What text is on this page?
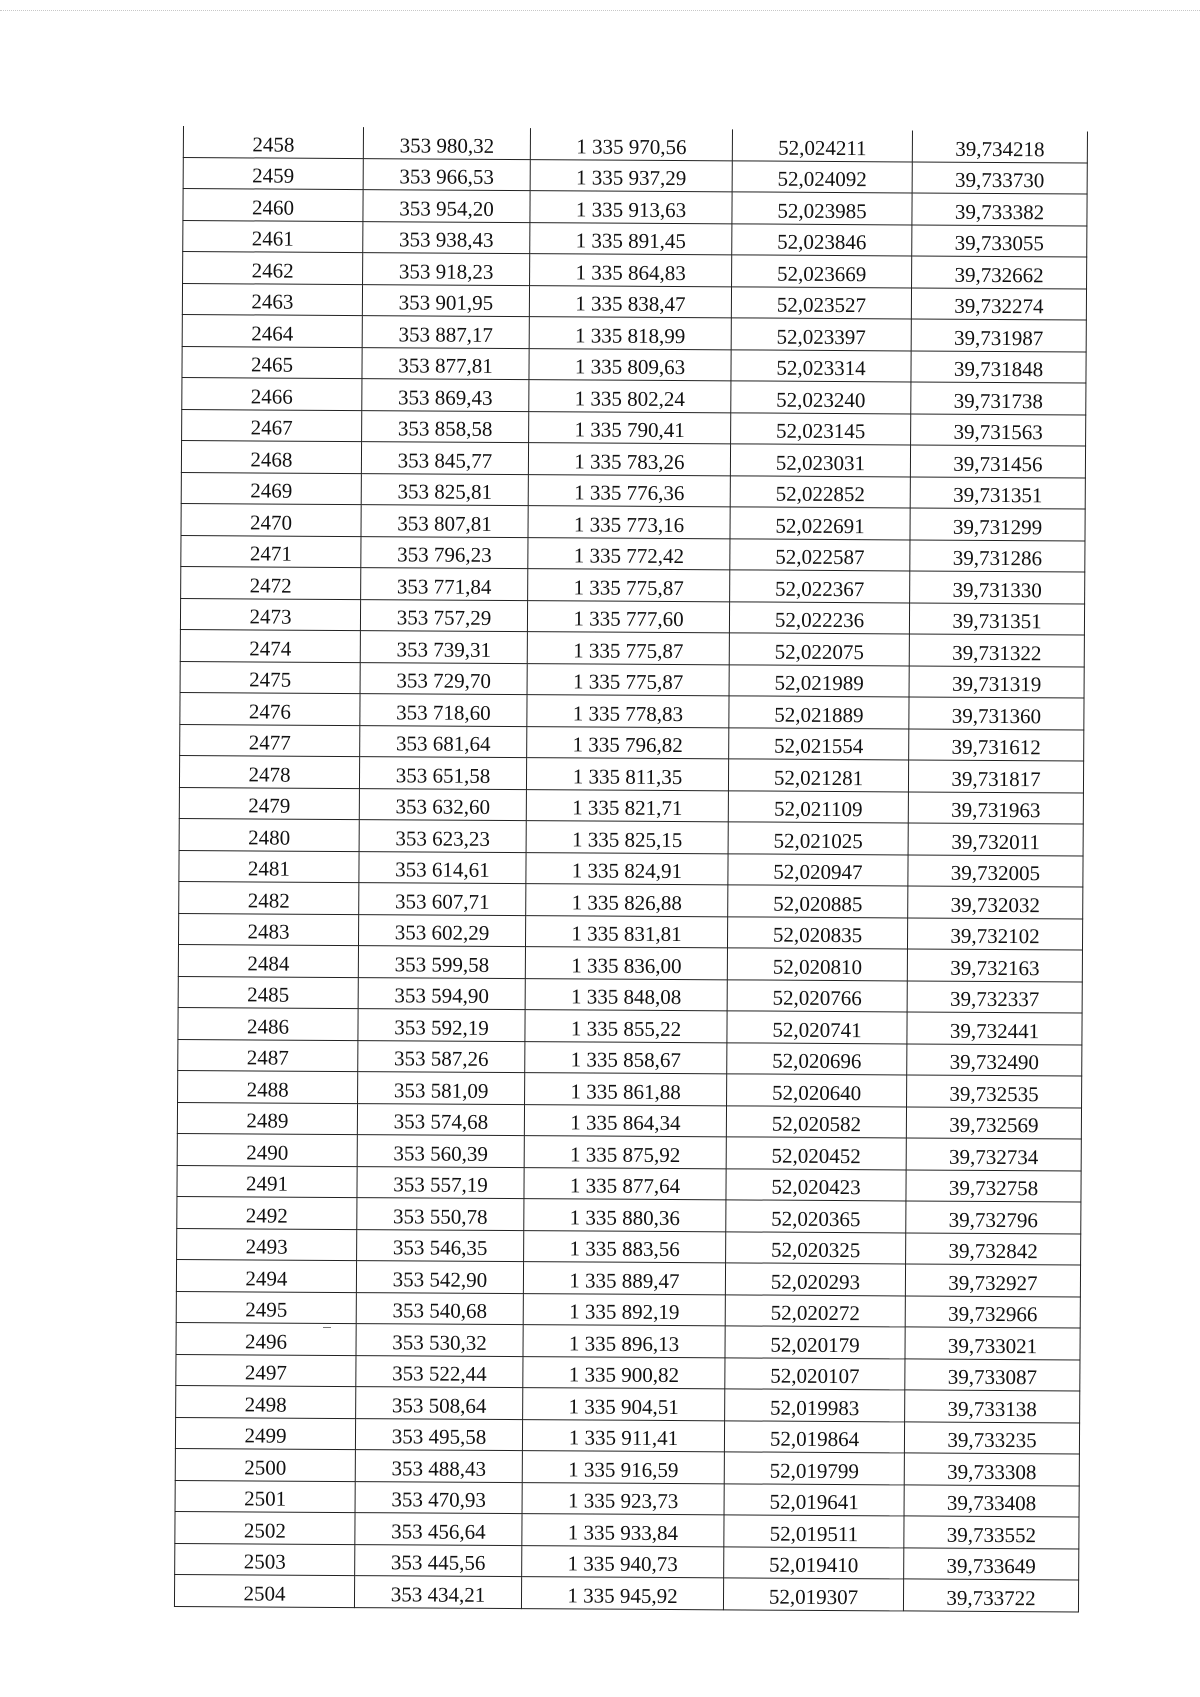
2458	353 980,32	1 335 970,56	52,024211	39,734218
2459	353 966,53	1 335 937,29	52,024092	39,733730
2460	353 954,20	1 335 913,63	52,023985	39,733382
2461	353 938,43	1 335 891,45	52,023846	39,733055
2462	353 918,23	1 335 864,83	52,023669	39,732662
2463	353 901,95	1 335 838,47	52,023527	39,732274
2464	353 887,17	1 335 818,99	52,023397	39,731987
2465	353 877,81	1 335 809,63	52,023314	39,731848
2466	353 869,43	1 335 802,24	52,023240	39,731738
2467	353 858,58	1 335 790,41	52,023145	39,731563
2468	353 845,77	1 335 783,26	52,023031	39,731456
2469	353 825,81	1 335 776,36	52,022852	39,731351
2470	353 807,81	1 335 773,16	52,022691	39,731299
2471	353 796,23	1 335 772,42	52,022587	39,731286
2472	353 771,84	1 335 775,87	52,022367	39,731330
2473	353 757,29	1 335 777,60	52,022236	39,731351
2474	353 739,31	1 335 775,87	52,022075	39,731322
2475	353 729,70	1 335 775,87	52,021989	39,731319
2476	353 718,60	1 335 778,83	52,021889	39,731360
2477	353 681,64	1 335 796,82	52,021554	39,731612
2478	353 651,58	1 335 811,35	52,021281	39,731817
2479	353 632,60	1 335 821,71	52,021109	39,731963
2480	353 623,23	1 335 825,15	52,021025	39,732011
2481	353 614,61	1 335 824,91	52,020947	39,732005
2482	353 607,71	1 335 826,88	52,020885	39,732032
2483	353 602,29	1 335 831,81	52,020835	39,732102
2484	353 599,58	1 335 836,00	52,020810	39,732163
2485	353 594,90	1 335 848,08	52,020766	39,732337
2486	353 592,19	1 335 855,22	52,020741	39,732441
2487	353 587,26	1 335 858,67	52,020696	39,732490
2488	353 581,09	1 335 861,88	52,020640	39,732535
2489	353 574,68	1 335 864,34	52,020582	39,732569
2490	353 560,39	1 335 875,92	52,020452	39,732734
2491	353 557,19	1 335 877,64	52,020423	39,732758
2492	353 550,78	1 335 880,36	52,020365	39,732796
2493	353 546,35	1 335 883,56	52,020325	39,732842
2494	353 542,90	1 335 889,47	52,020293	39,732927
2495	353 540,68	1 335 892,19	52,020272	39,732966
2496	353 530,32	1 335 896,13	52,020179	39,733021
2497	353 522,44	1 335 900,82	52,020107	39,733087
2498	353 508,64	1 335 904,51	52,019983	39,733138
2499	353 495,58	1 335 911,41	52,019864	39,733235
2500	353 488,43	1 335 916,59	52,019799	39,733308
2501	353 470,93	1 335 923,73	52,019641	39,733408
2502	353 456,64	1 335 933,84	52,019511	39,733552
2503	353 445,56	1 335 940,73	52,019410	39,733649
2504	353 434,21	1 335 945,92	52,019307	39,733722
